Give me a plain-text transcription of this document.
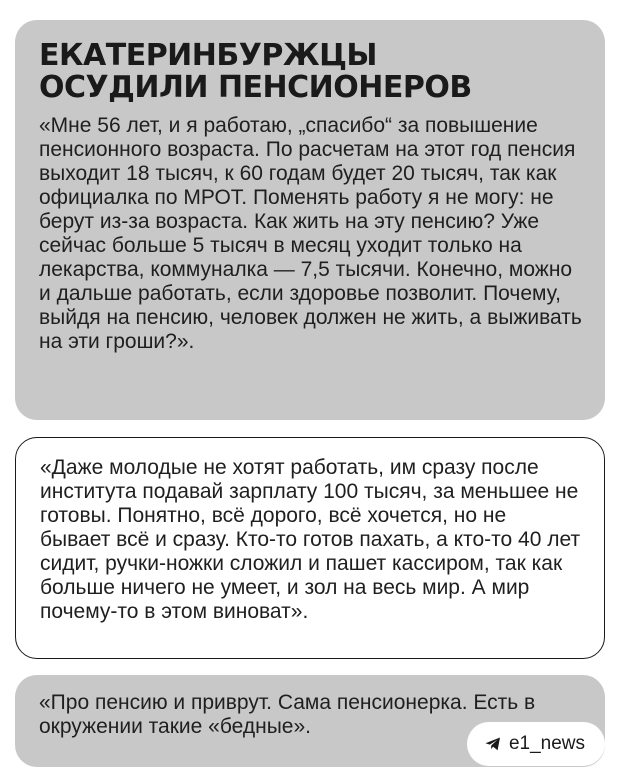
ЕКАТЕРИНБУРЖЦЫ ОСУДИЛИ ПЕНСИОНЕРОВ

«Мне 56 лет, и я работаю, „спасибо“ за повышение пенсионного возраста. По расчетам на этот год пенсия выходит 18 тысяч, к 60 годам будет 20 тысяч, так как официалка по МРОТ. Поменять работу я не могу: не берут из-за возраста. Как жить на эту пенсию? Уже сейчас больше 5 тысяч в месяц уходит только на лекарства, коммуналка — 7,5 тысячи. Конечно, можно и дальше работать, если здоровье позволит. Почему, выйдя на пенсию, человек должен не жить, а выживать на эти гроши?».

«Даже молодые не хотят работать, им сразу после института подавай зарплату 100 тысяч, за меньшее не готовы. Понятно, всё дорого, всё хочется, но не бывает всё и сразу. Кто-то готов пахать, а кто-то 40 лет сидит, ручки-ножки сложил и пашет кассиром, так как больше ничего не умеет, и зол на весь мир. А мир почему-то в этом виноват».

«Про пенсию и приврут. Сама пенсионерка. Есть в окружении такие «бедные».

e1_news
